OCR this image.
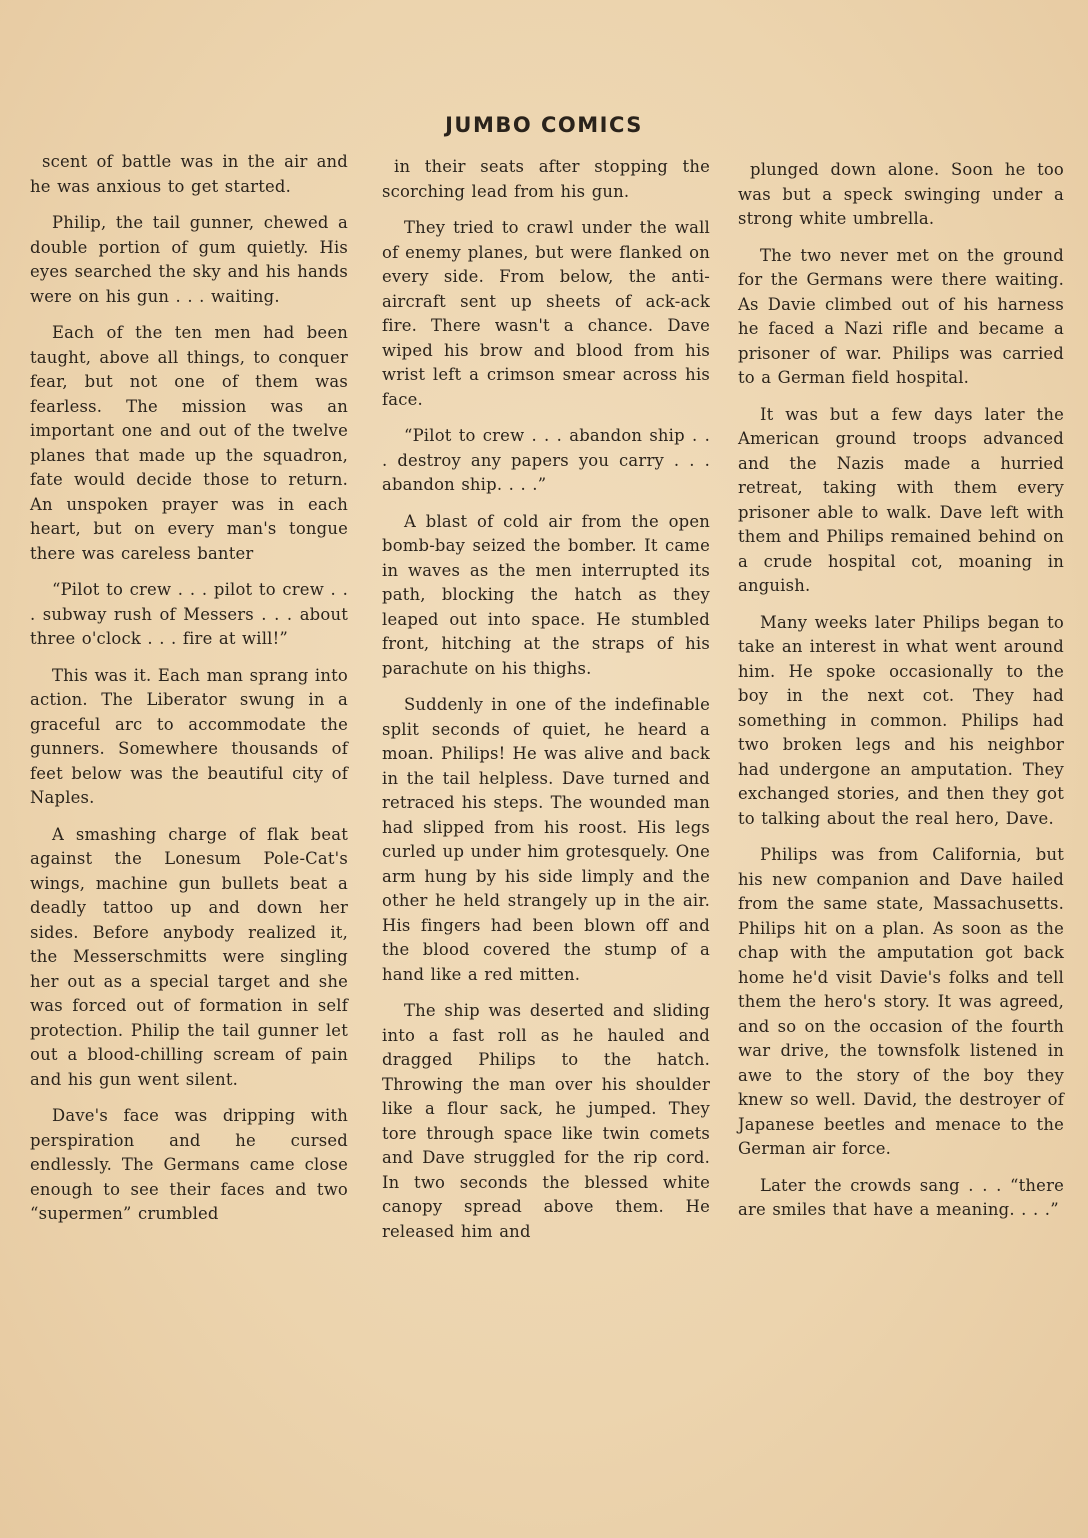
JUMBO COMICS

scent of battle was in the air and he was anxious to get started.

Philip, the tail gunner, chewed a double portion of gum quietly. His eyes searched the sky and his hands were on his gun . . . waiting.

Each of the ten men had been taught, above all things, to conquer fear, but not one of them was fearless. The mission was an important one and out of the twelve planes that made up the squadron, fate would decide those to return. An unspoken prayer was in each heart, but on every man's tongue there was careless banter

“Pilot to crew . . . pilot to crew . . . subway rush of Messers . . . about three o'clock . . . fire at will!”

This was it. Each man sprang into action. The Liberator swung in a graceful arc to accommodate the gunners. Somewhere thousands of feet below was the beautiful city of Naples.

A smashing charge of flak beat against the Lonesum Pole-Cat's wings, machine gun bullets beat a deadly tattoo up and down her sides. Before anybody realized it, the Messerschmitts were singling her out as a special target and she was forced out of formation in self protection. Philip the tail gunner let out a blood-chilling scream of pain and his gun went silent.

Dave's face was dripping with perspiration and he cursed endlessly. The Germans came close enough to see their faces and two “supermen” crumbled

in their seats after stopping the scorching lead from his gun.

They tried to crawl under the wall of enemy planes, but were flanked on every side. From below, the anti-aircraft sent up sheets of ack-ack fire. There wasn't a chance. Dave wiped his brow and blood from his wrist left a crimson smear across his face.

“Pilot to crew . . . abandon ship . . . destroy any papers you carry . . . abandon ship. . . .”

A blast of cold air from the open bomb-bay seized the bomber. It came in waves as the men interrupted its path, blocking the hatch as they leaped out into space. He stumbled front, hitching at the straps of his parachute on his thighs.

Suddenly in one of the indefinable split seconds of quiet, he heard a moan. Philips! He was alive and back in the tail helpless. Dave turned and retraced his steps. The wounded man had slipped from his roost. His legs curled up under him grotesquely. One arm hung by his side limply and the other he held strangely up in the air. His fingers had been blown off and the blood covered the stump of a hand like a red mitten.

The ship was deserted and sliding into a fast roll as he hauled and dragged Philips to the hatch. Throwing the man over his shoulder like a flour sack, he jumped. They tore through space like twin comets and Dave struggled for the rip cord. In two seconds the blessed white canopy spread above them. He released him and

plunged down alone. Soon he too was but a speck swinging under a strong white umbrella.

The two never met on the ground for the Germans were there waiting. As Davie climbed out of his harness he faced a Nazi rifle and became a prisoner of war. Philips was carried to a German field hospital.

It was but a few days later the American ground troops advanced and the Nazis made a hurried retreat, taking with them every prisoner able to walk. Dave left with them and Philips remained behind on a crude hospital cot, moaning in anguish.

Many weeks later Philips began to take an interest in what went around him. He spoke occasionally to the boy in the next cot. They had something in common. Philips had two broken legs and his neighbor had undergone an amputation. They exchanged stories, and then they got to talking about the real hero, Dave.

Philips was from California, but his new companion and Dave hailed from the same state, Massachusetts. Philips hit on a plan. As soon as the chap with the amputation got back home he'd visit Davie's folks and tell them the hero's story. It was agreed, and so on the occasion of the fourth war drive, the townsfolk listened in awe to the story of the boy they knew so well. David, the destroyer of Japanese beetles and menace to the German air force.

Later the crowds sang . . . “there are smiles that have a meaning. . . .”
